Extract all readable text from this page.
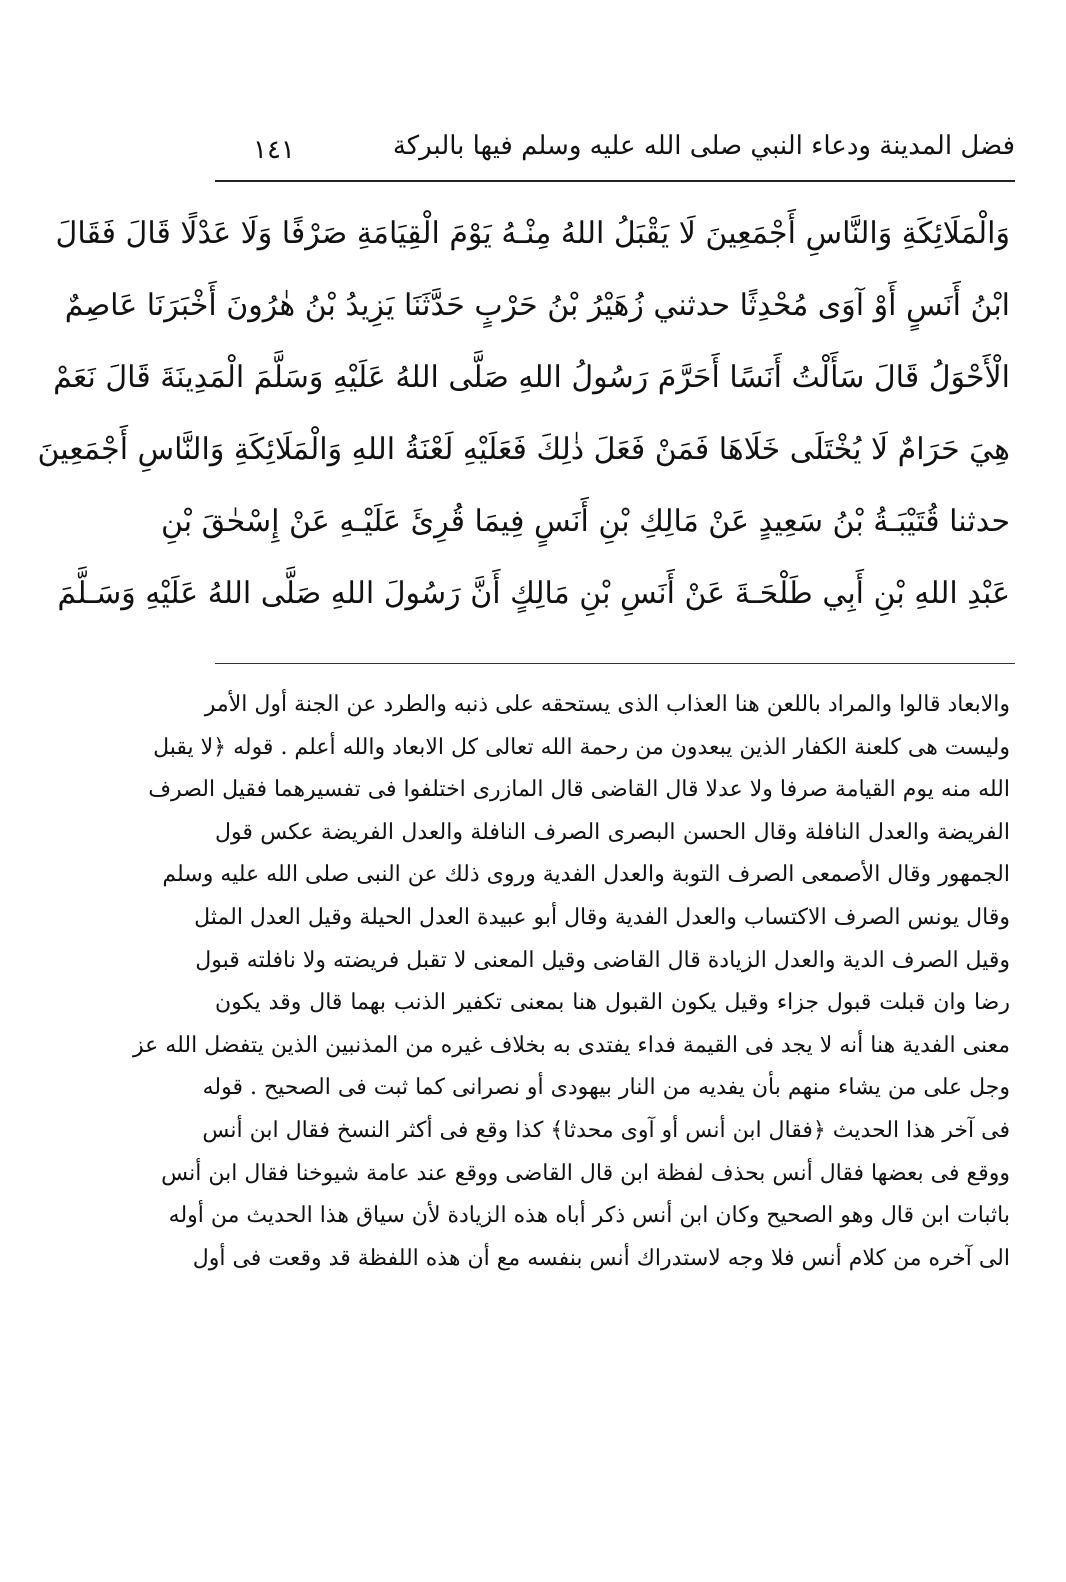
فضل المدينة ودعاء النبي صلى الله عليه وسلم فيها بالبركة
١٤١
وَالْمَلَائِكَةِ وَالنَّاسِ أَجْمَعِينَ لَا يَقْبَلُ اللهُ مِنْـهُ يَوْمَ الْقِيَامَةِ صَرْفًا وَلَا عَدْلًا قَالَ فَقَالَ
ابْنُ أَنَسٍ أَوْ آوَى مُحْدِثًا حدثني زُهَيْرُ بْنُ حَرْبٍ حَدَّثَنَا يَزِيدُ بْنُ هٰرُونَ أَخْبَرَنَا عَاصِمٌ
الْأَحْوَلُ قَالَ سَأَلْتُ أَنَسًا أَحَرَّمَ رَسُولُ اللهِ صَلَّى اللهُ عَلَيْهِ وَسَلَّمَ الْمَدِينَةَ قَالَ نَعَمْ
هِيَ حَرَامٌ لَا يُخْتَلَى خَلَاهَا فَمَنْ فَعَلَ ذٰلِكَ فَعَلَيْهِ لَعْنَةُ اللهِ وَالْمَلَائِكَةِ وَالنَّاسِ أَجْمَعِينَ
حدثنا قُتَيْبَـةُ بْنُ سَعِيدٍ عَنْ مَالِكِ بْنِ أَنَسٍ فِيمَا قُرِئَ عَلَيْـهِ عَنْ إِسْحٰقَ بْنِ
عَبْدِ اللهِ بْنِ أَبِي طَلْحَـةَ عَنْ أَنَسِ بْنِ مَالِكٍ أَنَّ رَسُولَ اللهِ صَلَّى اللهُ عَلَيْهِ وَسَـلَّمَ
والابعاد قالوا والمراد باللعن هنا العذاب الذى يستحقه على ذنبه والطرد عن الجنة أول الأمر
وليست هى كلعنة الكفار الذين يبعدون من رحمة الله تعالى كل الابعاد والله أعلم . قوله ﴿لا يقبل
الله منه يوم القيامة صرفا ولا عدلا قال القاضى قال المازرى اختلفوا فى تفسيرهما فقيل الصرف
الفريضة والعدل النافلة وقال الحسن البصرى الصرف النافلة والعدل الفريضة عكس قول
الجمهور وقال الأصمعى الصرف التوبة والعدل الفدية وروى ذلك عن النبى صلى الله عليه وسلم
وقال يونس الصرف الاكتساب والعدل الفدية وقال أبو عبيدة العدل الحيلة وقيل العدل المثل
وقيل الصرف الدية والعدل الزيادة قال القاضى وقيل المعنى لا تقبل فريضته ولا نافلته قبول
رضا وان قبلت قبول جزاء وقيل يكون القبول هنا بمعنى تكفير الذنب بهما قال وقد يكون
معنى الفدية هنا أنه لا يجد فى القيمة فداء يفتدى به بخلاف غيره من المذنبين الذين يتفضل الله عز
وجل على من يشاء منهم بأن يفديه من النار بيهودى أو نصرانى كما ثبت فى الصحيح . قوله
فى آخر هذا الحديث ﴿فقال ابن أنس أو آوى محدثا﴾ كذا وقع فى أكثر النسخ فقال ابن أنس
ووقع فى بعضها فقال أنس بحذف لفظة ابن قال القاضى ووقع عند عامة شيوخنا فقال ابن أنس
باثبات ابن قال وهو الصحيح وكان ابن أنس ذكر أباه هذه الزيادة لأن سياق هذا الحديث من أوله
الى آخره من كلام أنس فلا وجه لاستدراك أنس بنفسه مع أن هذه اللفظة قد وقعت فى أول
